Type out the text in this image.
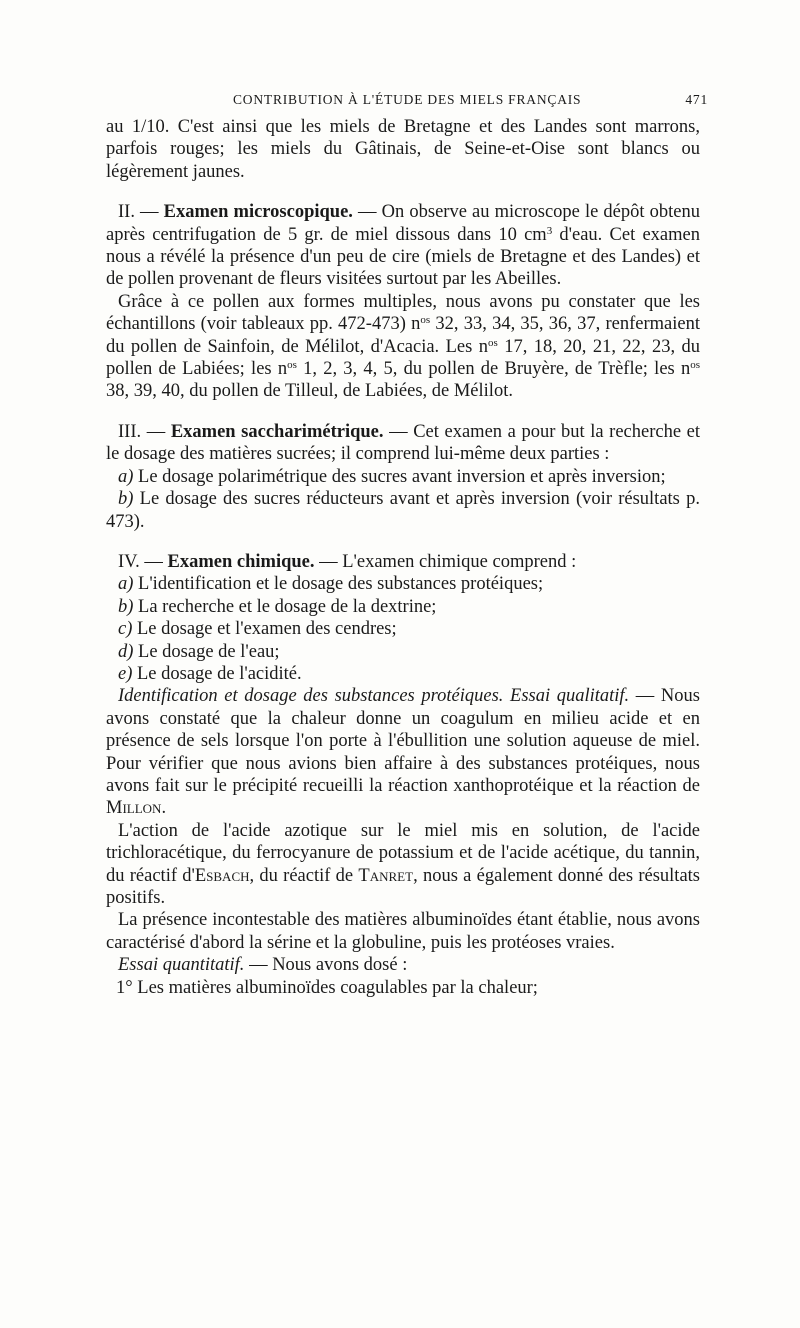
CONTRIBUTION À L'ÉTUDE DES MIELS FRANÇAIS	471

au 1/10. C'est ainsi que les miels de Bretagne et des Landes sont marrons, parfois rouges; les miels du Gâtinais, de Seine-et-Oise sont blancs ou légèrement jaunes.

II. — Examen microscopique. — On observe au microscope le dépôt obtenu après centrifugation de 5 gr. de miel dissous dans 10 $cm^3$ d'eau. Cet examen nous a révélé la présence d'un peu de cire (miels de Bretagne et des Landes) et de pollen provenant de fleurs visitées surtout par les Abeilles.

Grâce à ce pollen aux formes multiples, nous avons pu constater que les échantillons (voir tableaux pp. 472-473) $n^{os}$ 32, 33, 34, 35, 36, 37, renfermaient du pollen de Sainfoin, de Mélilot, d'Acacia. Les $n^{os}$ 17, 18, 20, 21, 22, 23, du pollen de Labiées; les $n^{os}$ 1, 2, 3, 4, 5, du pollen de Bruyère, de Trèfle; les $n^{os}$ 38, 39, 40, du pollen de Tilleul, de Labiées, de Mélilot.

III. — Examen saccharimétrique. — Cet examen a pour but la recherche et le dosage des matières sucrées; il comprend lui-même deux parties :

a) Le dosage polarimétrique des sucres avant inversion et après inversion;

b) Le dosage des sucres réducteurs avant et après inversion (voir résultats p. 473).

IV. — Examen chimique. — L'examen chimique comprend :

a) L'identification et le dosage des substances protéiques;

b) La recherche et le dosage de la dextrine;

c) Le dosage et l'examen des cendres;

d) Le dosage de l'eau;

e) Le dosage de l'acidité.

Identification et dosage des substances protéiques. Essai qualitatif. — Nous avons constaté que la chaleur donne un coagulum en milieu acide et en présence de sels lorsque l'on porte à l'ébullition une solution aqueuse de miel. Pour vérifier que nous avions bien affaire à des substances protéiques, nous avons fait sur le précipité recueilli la réaction xanthoprotéique et la réaction de Millon.

L'action de l'acide azotique sur le miel mis en solution, de l'acide trichloracétique, du ferrocyanure de potassium et de l'acide acétique, du tannin, du réactif d'Esbach, du réactif de Tanret, nous a également donné des résultats positifs.

La présence incontestable des matières albuminoïdes étant établie, nous avons caractérisé d'abord la sérine et la globuline, puis les protéoses vraies.

Essai quantitatif. — Nous avons dosé :

1° Les matières albuminoïdes coagulables par la chaleur;
